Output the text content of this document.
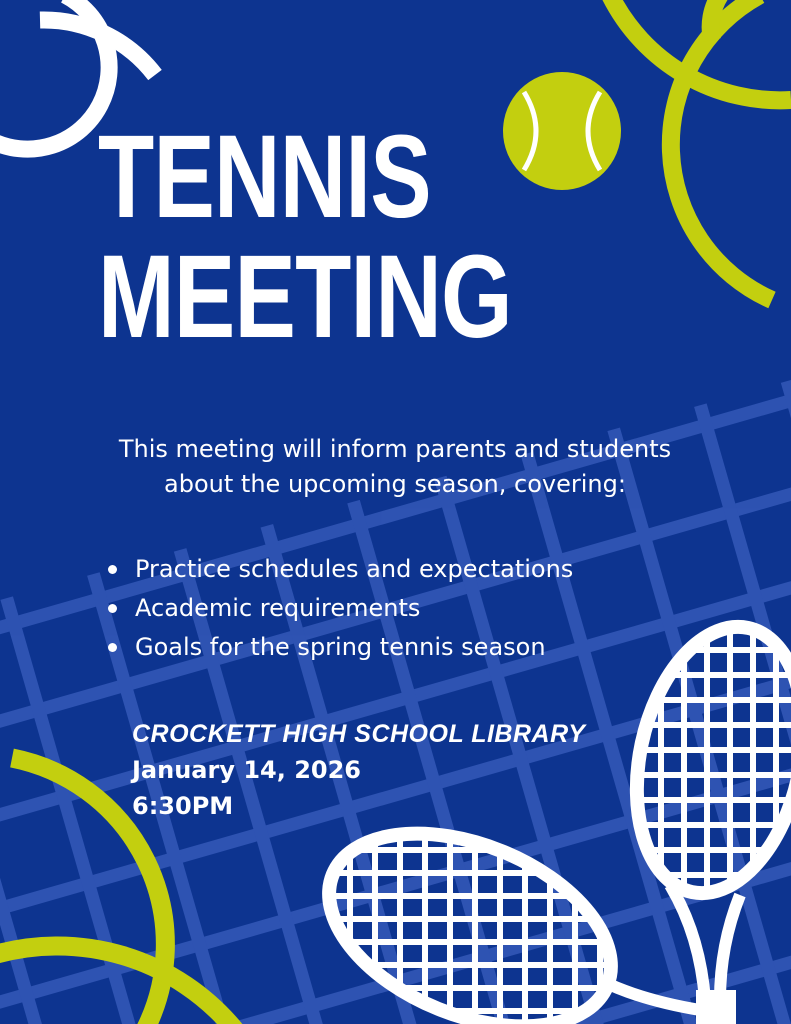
TENNIS
MEETING

This meeting will inform parents and students about the upcoming season, covering:

Practice schedules and expectations
Academic requirements
Goals for the spring tennis season
CROCKETT HIGH SCHOOL LIBRARY
January 14, 2026
6:30PM
